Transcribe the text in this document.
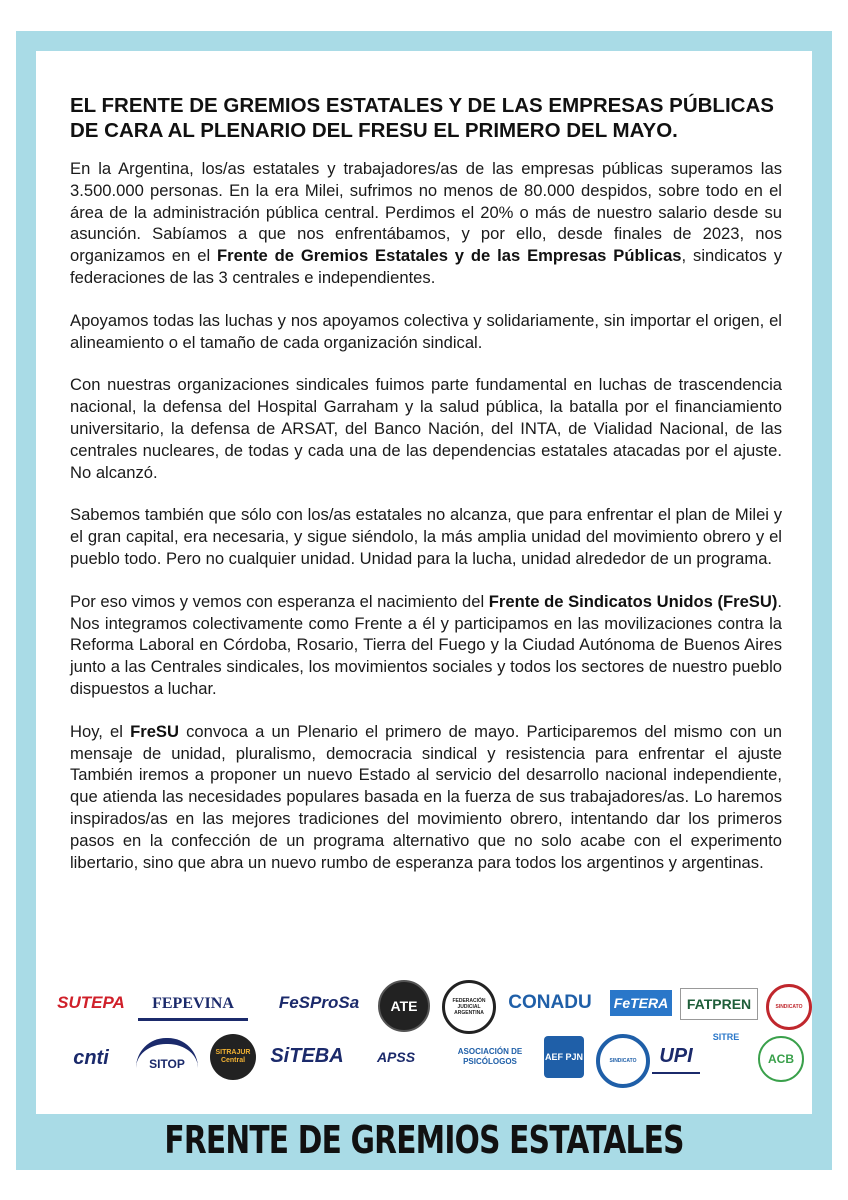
EL FRENTE DE GREMIOS ESTATALES Y DE LAS EMPRESAS PÚBLICAS
DE CARA AL PLENARIO DEL FRESU EL PRIMERO DEL MAYO.

En la Argentina, los/as estatales y trabajadores/as de las empresas públicas superamos las 3.500.000 personas. En la era Milei, sufrimos no menos de 80.000 despidos, sobre todo en el área de la administración pública central. Perdimos el 20% o más de nuestro salario desde su asunción. Sabíamos a que nos enfrentábamos, y por ello, desde finales de 2023, nos organizamos en el Frente de Gremios Estatales y de las Empresas Públicas, sindicatos y federaciones de las 3 centrales e independientes.

Apoyamos todas las luchas y nos apoyamos colectiva y solidariamente, sin importar el origen, el alineamiento o el tamaño de cada organización sindical.

Con nuestras organizaciones sindicales fuimos parte fundamental en luchas de trascendencia nacional, la defensa del Hospital Garraham y la salud pública, la batalla por el financiamiento universitario, la defensa de ARSAT, del Banco Nación, del INTA, de Vialidad Nacional, de las centrales nucleares, de todas y cada una de las dependencias estatales atacadas por el ajuste. No alcanzó.

Sabemos también que sólo con los/as estatales no alcanza, que para enfrentar el plan de Milei y el gran capital, era necesaria, y sigue siéndolo, la más amplia unidad del movimiento obrero y el pueblo todo. Pero no cualquier unidad. Unidad para la lucha, unidad alrededor de un programa.

Por eso vimos y vemos con esperanza el nacimiento del Frente de Sindicatos Unidos (FreSU). Nos integramos colectivamente como Frente a él y participamos en las movilizaciones contra la Reforma Laboral en Córdoba, Rosario, Tierra del Fuego y la Ciudad Autónoma de Buenos Aires junto a las Centrales sindicales, los movimientos sociales y todos los sectores de nuestro pueblo dispuestos a luchar.

Hoy, el FreSU convoca a un Plenario el primero de mayo. Participaremos del mismo con un mensaje de unidad, pluralismo, democracia sindical y resistencia para enfrentar el ajuste También iremos a proponer un nuevo Estado al servicio del desarrollo nacional independiente, que atienda las necesidades populares basada en la fuerza de sus trabajadores/as. Lo haremos inspirados/as en las mejores tradiciones del movimiento obrero, intentando dar los primeros pasos en la confección de un programa alternativo que no solo acabe con el experimento libertario, sino que abra un nuevo rumbo de esperanza para todos los argentinos y argentinas.

SUTEPA	FEPEVINA	FeSProSa	ATE	FEDERACIÓN JUDICIAL ARGENTINA	CONADU	FeTERA	FATPREN	SINDICATO
cnti	SITOP
SITRAJUR Central	SiTEBA	APSS	ASOCIACIÓN DE PSICÓLOGOS	AEF PJN	SINDICATO	UPI
SITRE
ACB
FRENTE DE GREMIOS ESTATALES
